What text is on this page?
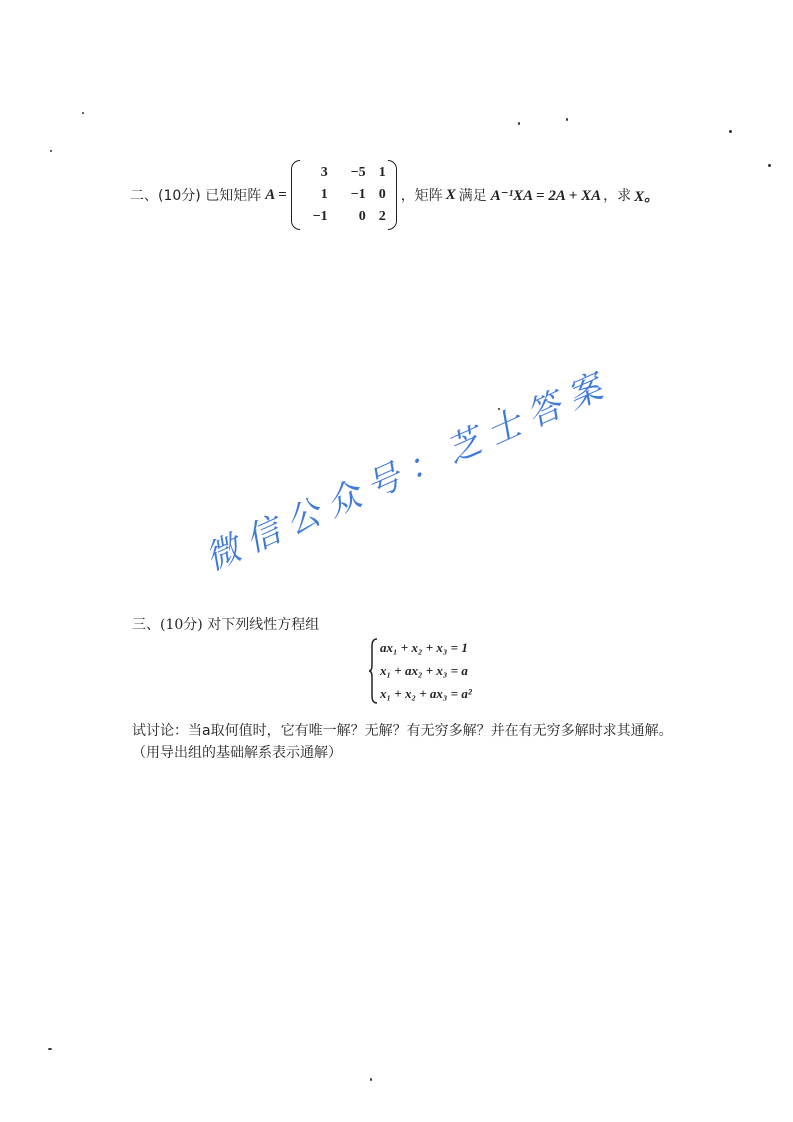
二、(10分) 已知矩阵 A =
3	−5 1
1	−1 0
−1	0 2
，矩阵 X 满足 A⁻¹XA = 2A + XA ，求 X。
微信公众号：芝士答案
三、(10分) 对下列线性方程组
ax₁ + x₂ + x₃ = 1
x₁ + ax₂ + x₃ = a
x₁ + x₂ + ax₃ = a²
试讨论：当a取何值时，它有唯一解？无解？有无穷多解？并在有无穷多解时求其通解。
（用导出组的基础解系表示通解）
